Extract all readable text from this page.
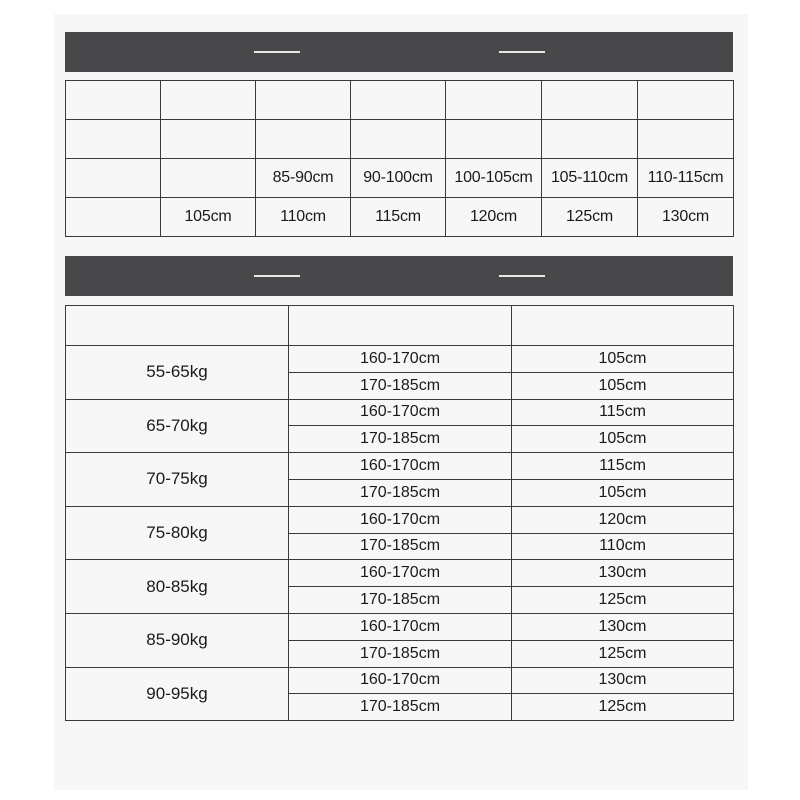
		85-90cm	90-100cm	100-105cm	105-110cm	110-115cm
	105cm	110cm	115cm	120cm	125cm	130cm

55-65kg	160-170cm	105cm
	170-185cm	105cm
65-70kg	160-170cm	115cm
	170-185cm	105cm
70-75kg	160-170cm	115cm
	170-185cm	105cm
75-80kg	160-170cm	120cm
	170-185cm	110cm
80-85kg	160-170cm	130cm
	170-185cm	125cm
85-90kg	160-170cm	130cm
	170-185cm	125cm
90-95kg	160-170cm	130cm
	170-185cm	125cm
